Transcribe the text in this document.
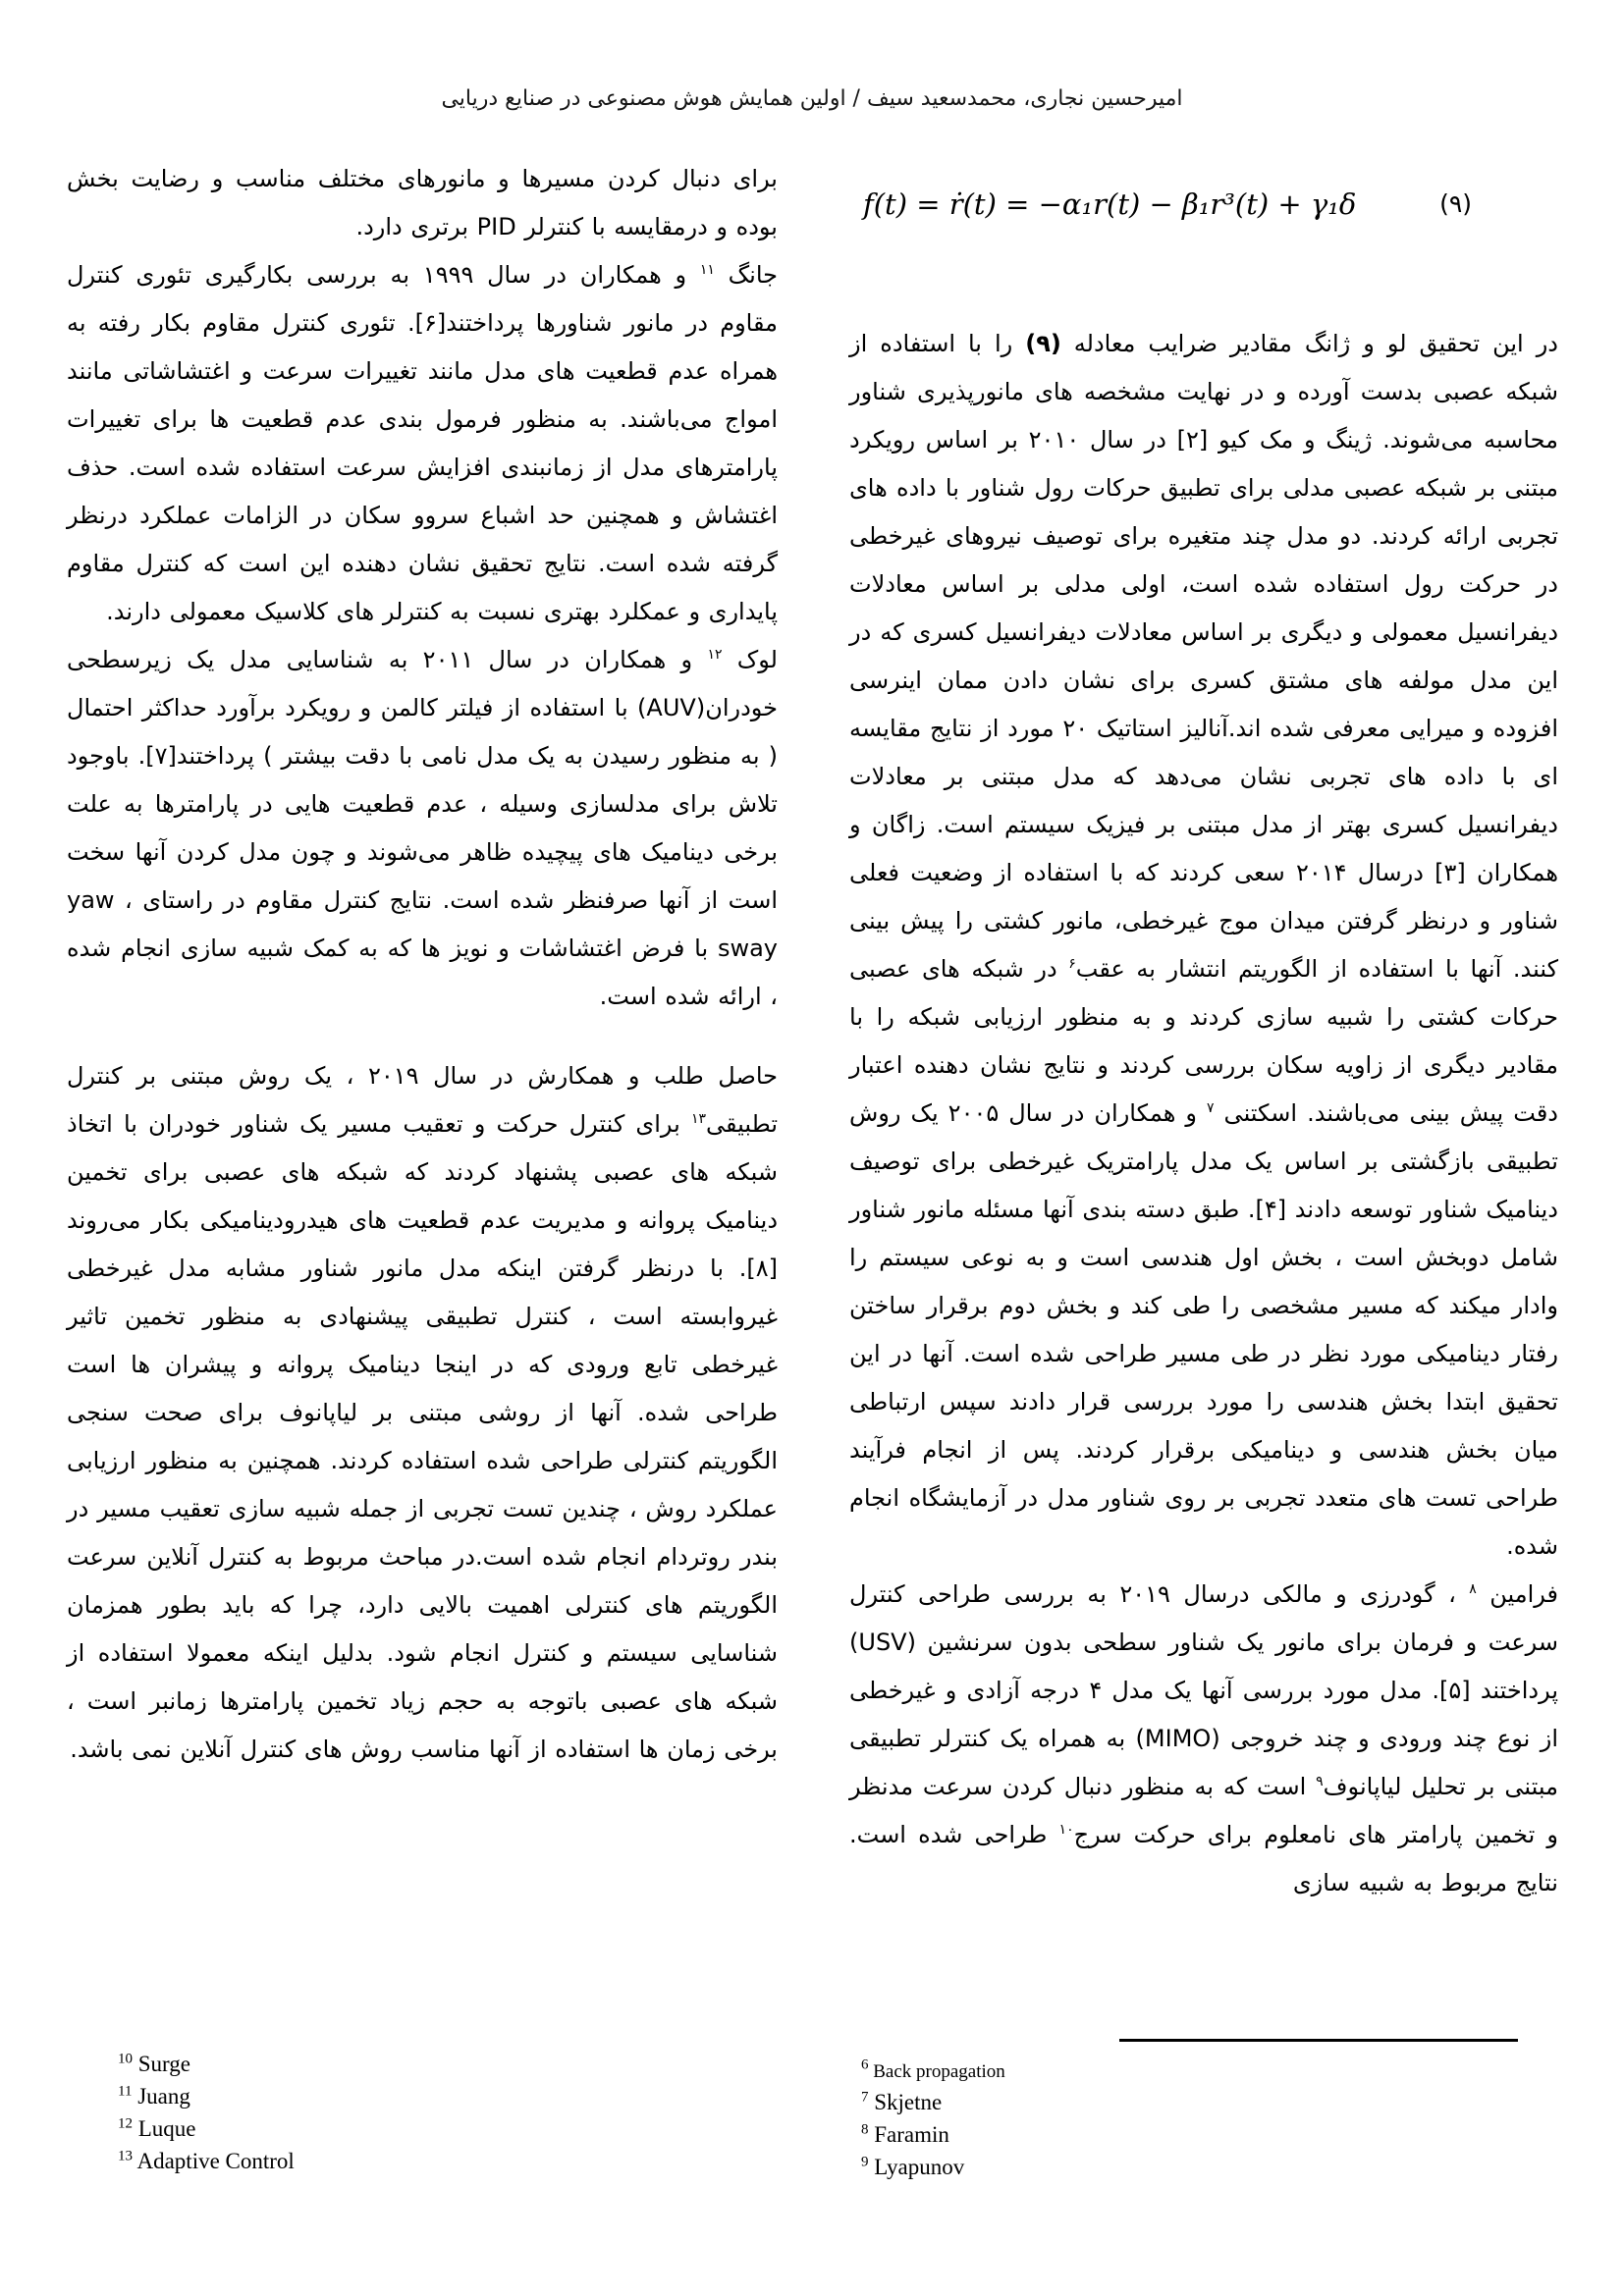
امیرحسین نجاری، محمدسعید سیف / اولین همایش هوش مصنوعی در صنایع دریایی
f(t) = ṙ(t) = −α₁r(t) − β₁r³(t) + γ₁δ	(۹)

در این تحقیق لو و ژانگ مقادیر ضرایب معادله (۹) را با استفاده از شبکه عصبی بدست آورده و در نهایت مشخصه های مانورپذیری شناور محاسبه می‌شوند. ژینگ و مک کیو [۲] در سال ۲۰۱۰ بر اساس رویکرد مبتنی بر شبکه عصبی مدلی برای تطبیق حرکات رول شناور با داده های تجربی ارائه کردند. دو مدل چند متغیره برای توصیف نیروهای غیرخطی در حرکت رول استفاده شده است، اولی مدلی بر اساس معادلات دیفرانسیل معمولی و دیگری بر اساس معادلات دیفرانسیل کسری که در این مدل مولفه های مشتق کسری برای نشان دادن ممان اینرسی افزوده و میرایی معرفی شده اند.آنالیز استاتیک ۲۰ مورد از نتایج مقایسه ای با داده های تجربی نشان می‌دهد که مدل مبتنی بر معادلات دیفرانسیل کسری بهتر از مدل مبتنی بر فیزیک سیستم است. زاگان و همکاران [۳] درسال ۲۰۱۴ سعی کردند که با استفاده از وضعیت فعلی شناور و درنظر گرفتن میدان موج غیرخطی، مانور کشتی را پیش بینی کنند. آنها با استفاده از الگوریتم انتشار به عقب$^۶$ در شبکه های عصبی حرکات کشتی را شبیه سازی کردند و به منظور ارزیابی شبکه را با مقادیر دیگری از زاویه سکان بررسی کردند و نتایج نشان دهنده اعتبار دقت پیش بینی می‌باشند. اسکتنی $^۷$ و همکاران در سال ۲۰۰۵ یک روش تطبیقی بازگشتی بر اساس یک مدل پارامتریک غیرخطی برای توصیف دینامیک شناور توسعه دادند [۴]. طبق دسته بندی آنها مسئله مانور شناور شامل دوبخش است ، بخش اول هندسی است و به نوعی سیستم را وادار میکند که مسیر مشخصی را طی کند و بخش دوم برقرار ساختن رفتار دینامیکی مورد نظر در طی مسیر طراحی شده است. آنها در این تحقیق ابتدا بخش هندسی را مورد بررسی قرار دادند سپس ارتباطی میان بخش هندسی و دینامیکی برقرار کردند. پس از انجام فرآیند طراحی تست های متعدد تجربی بر روی شناور مدل در آزمایشگاه انجام شده.

فرامین $^۸$ ، گودرزی و مالکی درسال ۲۰۱۹ به بررسی طراحی کنترل سرعت و فرمان برای مانور یک شناور سطحی بدون سرنشین (USV) پرداختند [۵]. مدل مورد بررسی آنها یک مدل ۴ درجه آزادی و غیرخطی از نوع چند ورودی و چند خروجی (MIMO) به همراه یک کنترلر تطبیقی مبتنی بر تحلیل لیاپانوف$^۹$ است که به منظور دنبال کردن سرعت مدنظر و تخمین پارامتر های نامعلوم برای حرکت سرج$^{۱۰}$ طراحی شده است. نتایج مربوط به شبیه سازی

برای دنبال کردن مسیرها و مانورهای مختلف مناسب و رضایت بخش بوده و درمقایسه با کنترلر PID برتری دارد.

جانگ $^{۱۱}$ و همکاران در سال ۱۹۹۹ به بررسی بکارگیری تئوری کنترل مقاوم در مانور شناورها پرداختند[۶]. تئوری کنترل مقاوم بکار رفته به همراه عدم قطعیت های مدل مانند تغییرات سرعت و اغتشاشاتی مانند امواج می‌باشند. به منظور فرمول بندی عدم قطعیت ها برای تغییرات پارامترهای مدل از زمانبندی افزایش سرعت استفاده شده است. حذف اغتشاش و همچنین حد اشباع سروو سکان در الزامات عملکرد درنظر گرفته شده است. نتایج تحقیق نشان دهنده این است که کنترل مقاوم پایداری و عمکلرد بهتری نسبت به کنترلر های کلاسیک معمولی دارند.

لوک $^{۱۲}$ و همکاران در سال ۲۰۱۱ به شناسایی مدل یک زیرسطحی خودران(AUV) با استفاده از فیلتر کالمن و رویکرد برآورد حداکثر احتمال ( به منظور رسیدن به یک مدل نامی با دقت بیشتر ) پرداختند[۷]. باوجود تلاش برای مدلسازی وسیله ، عدم قطعیت هایی در پارامترها به علت برخی دینامیک های پیچیده ظاهر می‌شوند و چون مدل کردن آنها سخت است از آنها صرفنظر شده است. نتایج کنترل مقاوم در راستای yaw ، sway با فرض اغتشاشات و نویز ها که به کمک شبیه سازی انجام شده ، ارائه شده است.

حاصل طلب و همکارش در سال ۲۰۱۹ ، یک روش مبتنی بر کنترل تطبیقی$^{۱۳}$ برای کنترل حرکت و تعقیب مسیر یک شناور خودران با اتخاذ شبکه های عصبی پشنهاد کردند که شبکه های عصبی برای تخمین دینامیک پروانه و مدیریت عدم قطعیت های هیدرودینامیکی بکار می‌روند [۸]. با درنظر گرفتن اینکه مدل مانور شناور مشابه مدل غیرخطی غیروابسته است ، کنترل تطبیقی پیشنهادی به منظور تخمین تاثیر غیرخطی تابع ورودی که در اینجا دینامیک پروانه و پیشران ها است طراحی شده. آنها از روشی مبتنی بر لیاپانوف برای صحت سنجی الگوریتم کنترلی طراحی شده استفاده کردند. همچنین به منظور ارزیابی عملکرد روش ، چندین تست تجربی از جمله شبیه سازی تعقیب مسیر در بندر روتردام انجام شده است.در مباحث مربوط به کنترل آنلاین سرعت الگوریتم های کنترلی اهمیت بالایی دارد، چرا که باید بطور همزمان شناسایی سیستم و کنترل انجام شود. بدلیل اینکه معمولا استفاده از شبکه های عصبی باتوجه به حجم زیاد تخمین پارامترها زمانبر است ، برخی زمان ها استفاده از آنها مناسب روش های کنترل آنلاین نمی باشد.

$^6$ Back propagation
$^7$ Skjetne
$^8$ Faramin
$^9$ Lyapunov
$^{10}$ Surge
$^{11}$ Juang
$^{12}$ Luque
$^{13}$ Adaptive Control
